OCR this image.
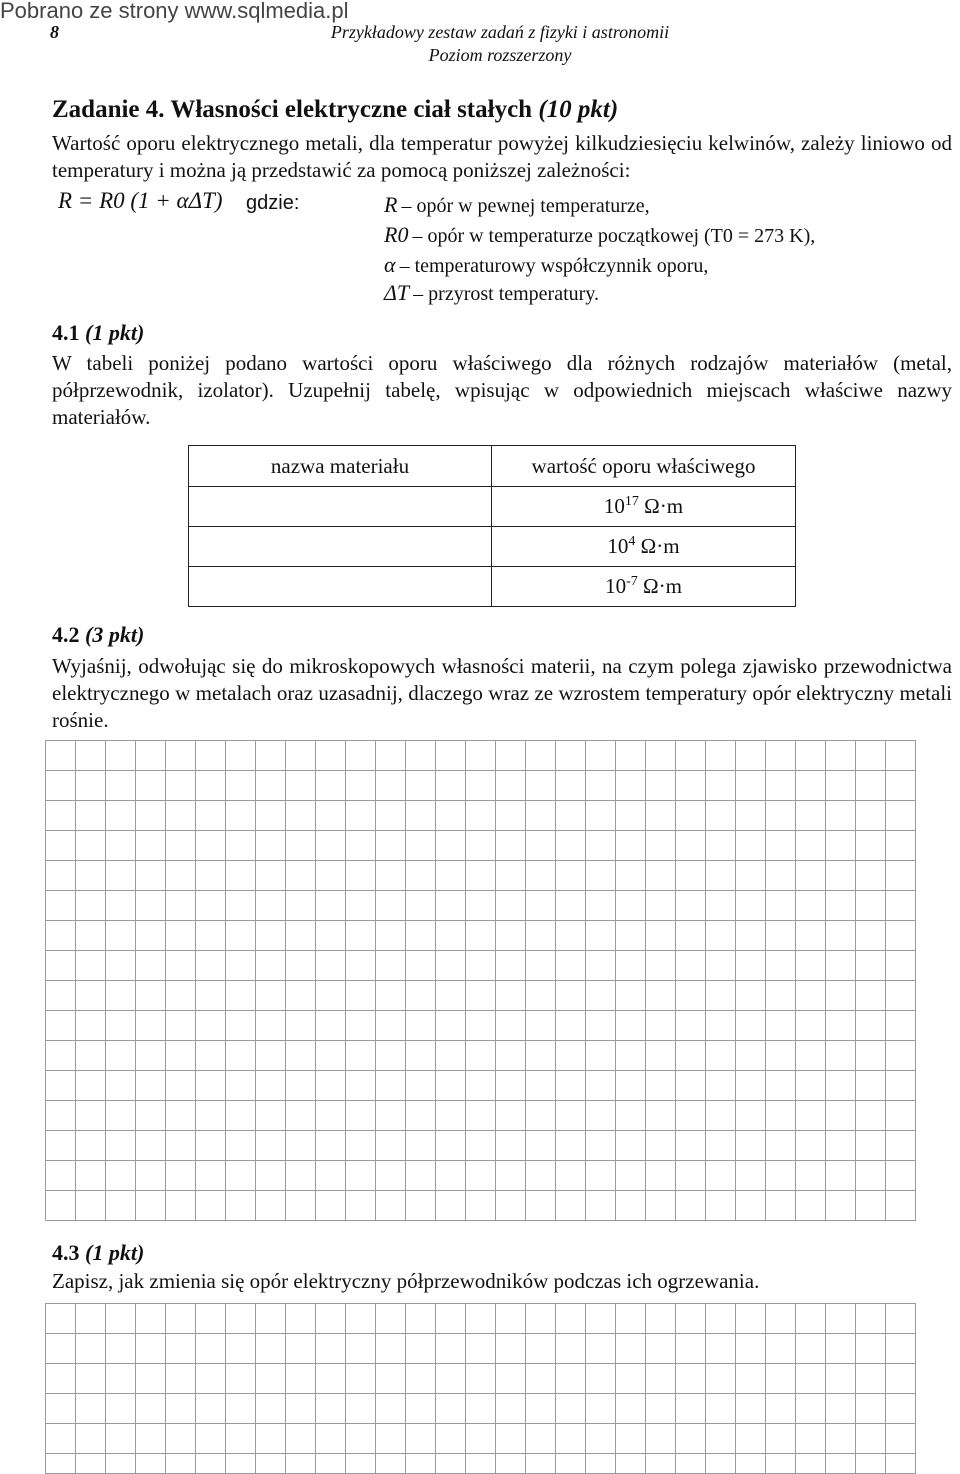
Pobrano ze strony www.sqlmedia.pl
8	Przykładowy zestaw zadań z fizyki i astronomii
Poziom rozszerzony
Zadanie 4. Własności elektryczne ciał stałych (10 pkt)
Wartość oporu elektrycznego metali, dla temperatur powyżej kilkudziesięciu kelwinów, zależy liniowo od temperatury i można ją przedstawić za pomocą poniższej zależności:
R = R0 (1 + αΔT) gdzie:	R – opór w pewnej temperaturze,
R0 – opór w temperaturze początkowej (T0 = 273 K),
α – temperaturowy współczynnik oporu,
ΔT – przyrost temperatury.
4.1 (1 pkt)
W tabeli poniżej podano wartości oporu właściwego dla różnych rodzajów materiałów (metal, półprzewodnik, izolator). Uzupełnij tabelę, wpisując w odpowiednich miejscach właściwe nazwy materiałów.
nazwa materiału	wartość oporu właściwego
	$10^{17}$ Ω·m
	$10^4$ Ω·m
	$10^{-7}$ Ω·m
4.2 (3 pkt)
Wyjaśnij, odwołując się do mikroskopowych własności materii, na czym polega zjawisko przewodnictwa elektrycznego w metalach oraz uzasadnij, dlaczego wraz ze wzrostem temperatury opór elektryczny metali rośnie.
4.3 (1 pkt)
Zapisz, jak zmienia się opór elektryczny półprzewodników podczas ich ogrzewania.
